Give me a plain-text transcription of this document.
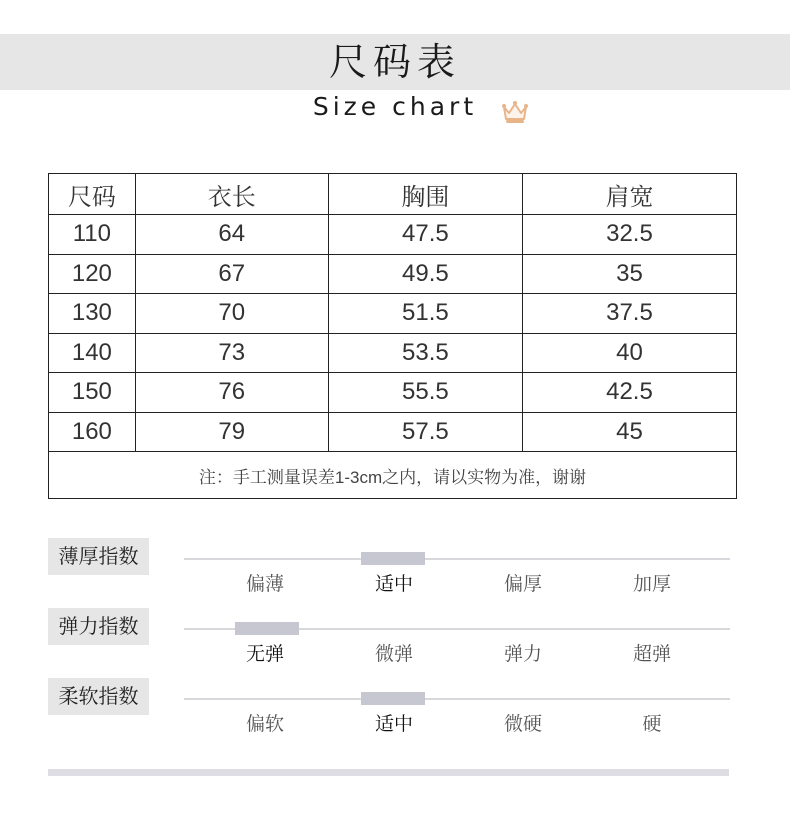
尺码表
Size chart
尺码	衣长	胸围	肩宽
110	64	47.5	32.5
120	67	49.5	35
130	70	51.5	37.5
140	73	53.5	40
150	76	55.5	42.5
160	79	57.5	45
注：手工测量误差1-3cm之内，请以实物为准，谢谢			
薄厚指数
偏薄	适中	偏厚	加厚
弹力指数
无弹	微弹	弹力	超弹
柔软指数
偏软	适中	微硬	硬
